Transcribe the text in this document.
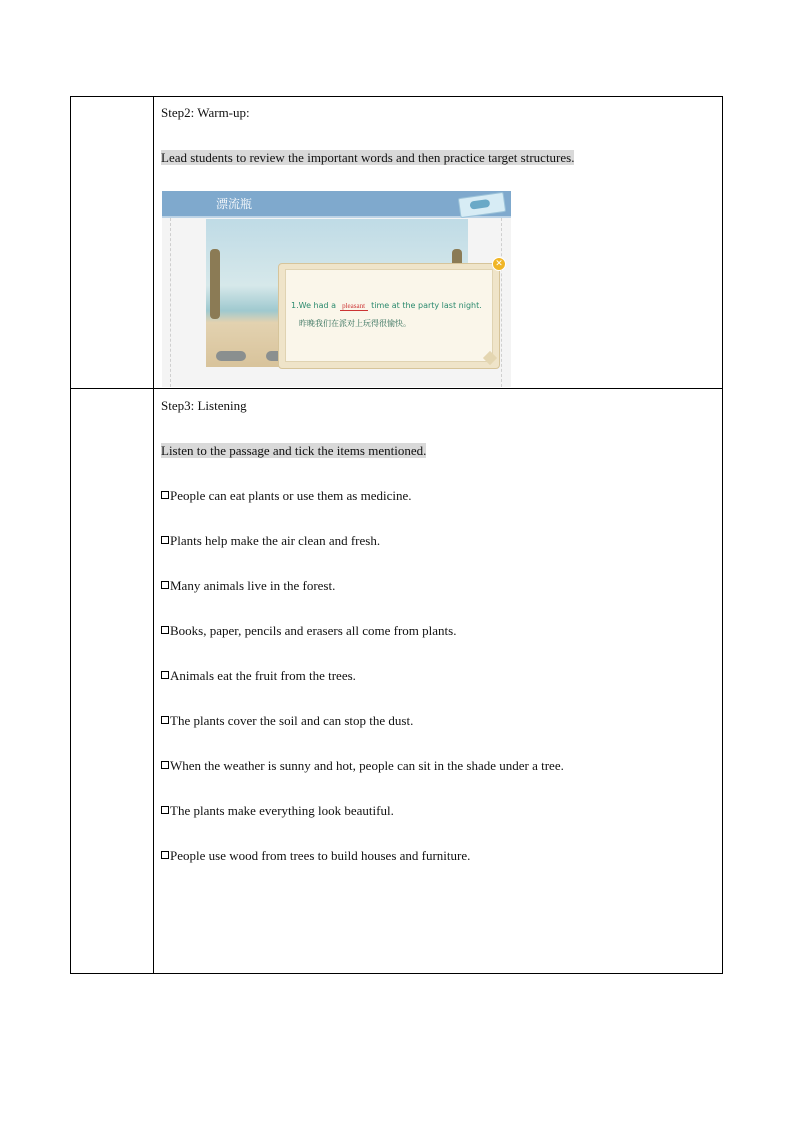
Step2: Warm-up:
Lead students to review the important words and then practice target structures.
漂流瓶
✕
1.We had a pleasant time at the party last night.
昨晚我们在派对上玩得很愉快。
Step3: Listening
Listen to the passage and tick the items mentioned.
People can eat plants or use them as medicine.
Plants help make the air clean and fresh.
Many animals live in the forest.
Books, paper, pencils and erasers all come from plants.
Animals eat the fruit from the trees.
The plants cover the soil and can stop the dust.
When the weather is sunny and hot, people can sit in the shade under a tree.
The plants make everything look beautiful.
People use wood from trees to build houses and furniture.
